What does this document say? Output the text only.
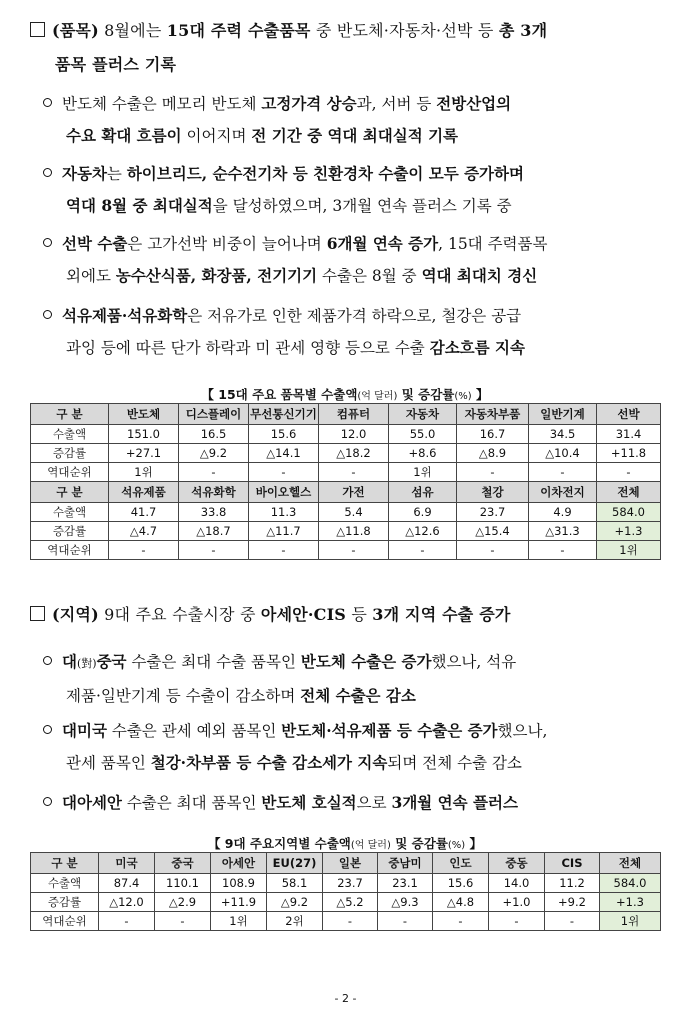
(품목) 8월에는 15대 주력 수출품목 중 반도체·자동차·선박 등 총 3개
품목 플러스 기록
반도체 수출은 메모리 반도체 고정가격 상승과, 서버 등 전방산업의
수요 확대 흐름이 이어지며 전 기간 중 역대 최대실적 기록
자동차는 하이브리드, 순수전기차 등 친환경차 수출이 모두 증가하며
역대 8월 중 최대실적을 달성하였으며, 3개월 연속 플러스 기록 중
선박 수출은 고가선박 비중이 늘어나며 6개월 연속 증가, 15대 주력품목
외에도 농수산식품, 화장품, 전기기기 수출은 8월 중 역대 최대치 경신
석유제품·석유화학은 저유가로 인한 제품가격 하락으로, 철강은 공급
과잉 등에 따른 단가 하락과 미 관세 영향 등으로 수출 감소흐름 지속
【 15대 주요 품목별 수출액(억 달러) 및 증감률(%) 】
구 분	반도체	디스플레이	무선통신기기	컴퓨터	자동차	자동차부품	일반기계	선박
수출액	151.0	16.5	15.6	12.0	55.0	16.7	34.5	31.4
증감률	+27.1	△9.2	△14.1	△18.2	+8.6	△8.9	△10.4	+11.8
역대순위	1위	-	-	-	1위	-	-	-
구 분	석유제품	석유화학	바이오헬스	가전	섬유	철강	이차전지	전체
수출액	41.7	33.8	11.3	5.4	6.9	23.7	4.9	584.0
증감률	△4.7	△18.7	△11.7	△11.8	△12.6	△15.4	△31.3	+1.3
역대순위	-	-	-	-	-	-	-	1위
(지역) 9대 주요 수출시장 중 아세안·CIS 등 3개 지역 수출 증가
대(對)중국 수출은 최대 수출 품목인 반도체 수출은 증가했으나, 석유
제품·일반기계 등 수출이 감소하며 전체 수출은 감소
대미국 수출은 관세 예외 품목인 반도체·석유제품 등 수출은 증가했으나,
관세 품목인 철강·차부품 등 수출 감소세가 지속되며 전체 수출 감소
대아세안 수출은 최대 품목인 반도체 호실적으로 3개월 연속 플러스
【 9대 주요지역별 수출액(억 달러) 및 증감률(%) 】
구 분	미국	중국	아세안	EU(27)	일본	중남미	인도	중동	CIS	전체
수출액	87.4	110.1	108.9	58.1	23.7	23.1	15.6	14.0	11.2	584.0
증감률	△12.0	△2.9	+11.9	△9.2	△5.2	△9.3	△4.8	+1.0	+9.2	+1.3
역대순위	-	-	1위	2위	-	-	-	-	-	1위
- 2 -
